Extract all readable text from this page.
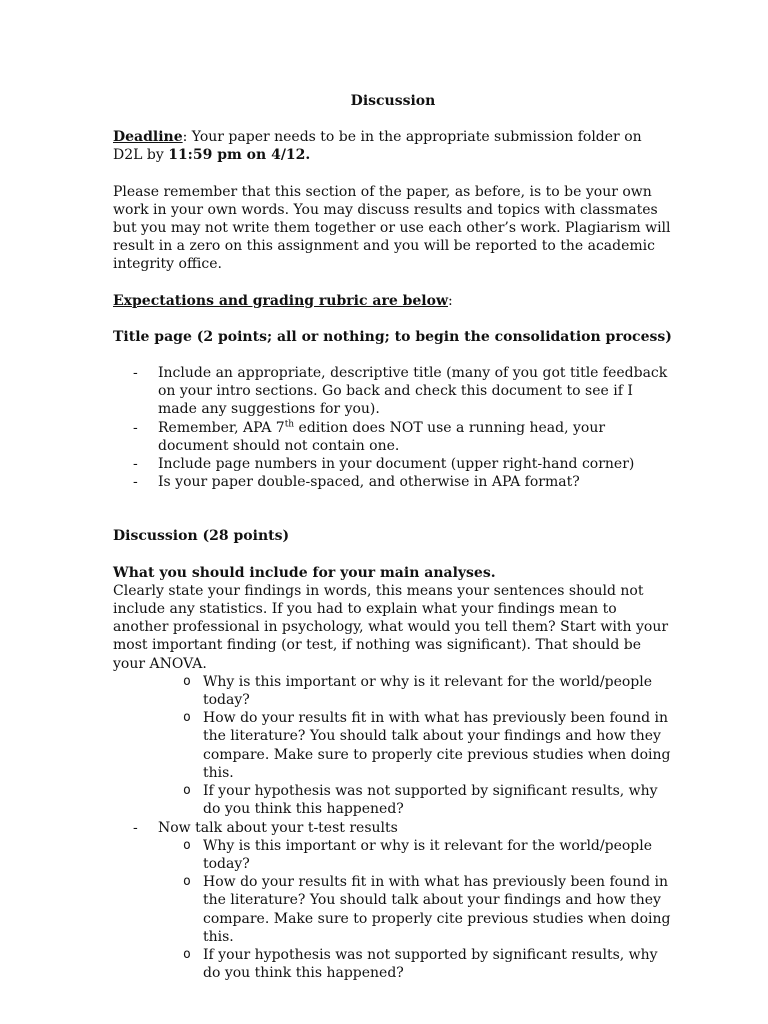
Discussion

Deadline: Your paper needs to be in the appropriate submission folder on D2L by 11:59 pm on 4/12.

Please remember that this section of the paper, as before, is to be your own work in your own words. You may discuss results and topics with classmates but you may not write them together or use each other’s work. Plagiarism will result in a zero on this assignment and you will be reported to the academic integrity office.

Expectations and grading rubric are below:

Title page (2 points; all or nothing; to begin the consolidation process)

- Include an appropriate, descriptive title (many of you got title feedback on your intro sections. Go back and check this document to see if I made any suggestions for you).
- Remember, APA 7th edition does NOT use a running head, your document should not contain one.
- Include page numbers in your document (upper right-hand corner)
- Is your paper double-spaced, and otherwise in APA format?

Discussion (28 points)

What you should include for your main analyses.

Clearly state your findings in words, this means your sentences should not include any statistics. If you had to explain what your findings mean to another professional in psychology, what would you tell them? Start with your most important finding (or test, if nothing was significant). That should be your ANOVA.

o Why is this important or why is it relevant for the world/people today?
o How do your results fit in with what has previously been found in the literature? You should talk about your findings and how they compare. Make sure to properly cite previous studies when doing this.
o If your hypothesis was not supported by significant results, why do you think this happened?
- Now talk about your t-test results
o Why is this important or why is it relevant for the world/people today?
o How do your results fit in with what has previously been found in the literature? You should talk about your findings and how they compare. Make sure to properly cite previous studies when doing this.
o If your hypothesis was not supported by significant results, why do you think this happened?
